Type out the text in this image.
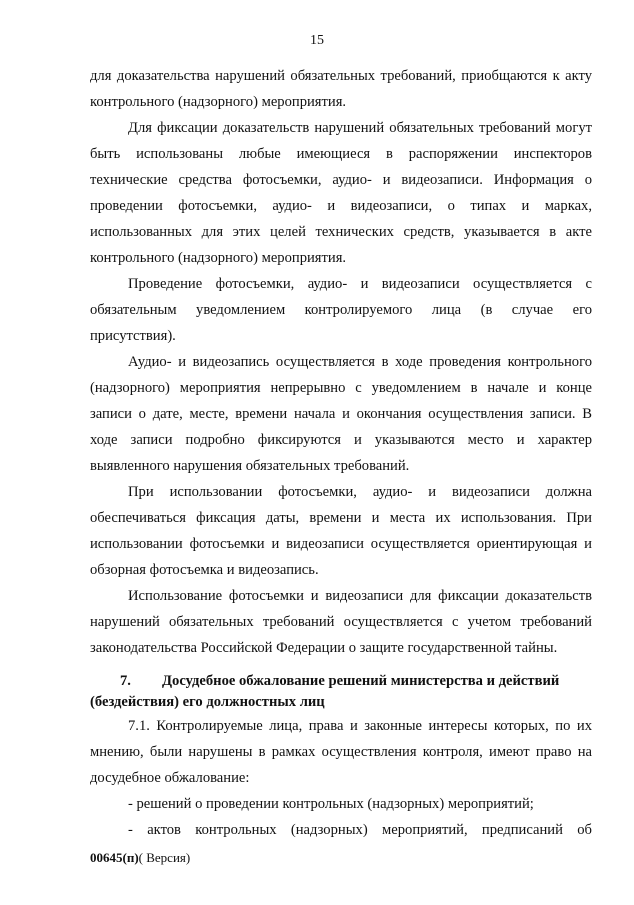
15
для доказательства нарушений обязательных требований, приобщаются к акту
контрольного (надзорного) мероприятия.
Для фиксации доказательств нарушений обязательных требований могут
быть использованы любые имеющиеся в распоряжении инспекторов
технические средства фотосъемки, аудио- и видеозаписи. Информация о
проведении фотосъемки, аудио- и видеозаписи, о типах и марках,
использованных для этих целей технических средств, указывается в акте
контрольного (надзорного) мероприятия.
Проведение фотосъемки, аудио- и видеозаписи осуществляется с
обязательным уведомлением контролируемого лица (в случае его
присутствия).
Аудио- и видеозапись осуществляется в ходе проведения контрольного
(надзорного) мероприятия непрерывно с уведомлением в начале и конце
записи о дате, месте, времени начала и окончания осуществления записи. В
ходе записи подробно фиксируются и указываются место и характер
выявленного нарушения обязательных требований.
При использовании фотосъемки, аудио- и видеозаписи должна
обеспечиваться фиксация даты, времени и места их использования. При
использовании фотосъемки и видеозаписи осуществляется ориентирующая и
обзорная фотосъемка и видеозапись.
Использование фотосъемки и видеозаписи для фиксации доказательств
нарушений обязательных требований осуществляется с учетом требований
законодательства Российской Федерации о защите государственной тайны.
7. Досудебное обжалование решений министерства и действий
(бездействия) его должностных лиц
7.1. Контролируемые лица, права и законные интересы которых, по их
мнению, были нарушены в рамках осуществления контроля, имеют право на
досудебное обжалование:
- решений о проведении контрольных (надзорных) мероприятий;
- актов контрольных (надзорных) мероприятий, предписаний об
00645(п)( Версия)
